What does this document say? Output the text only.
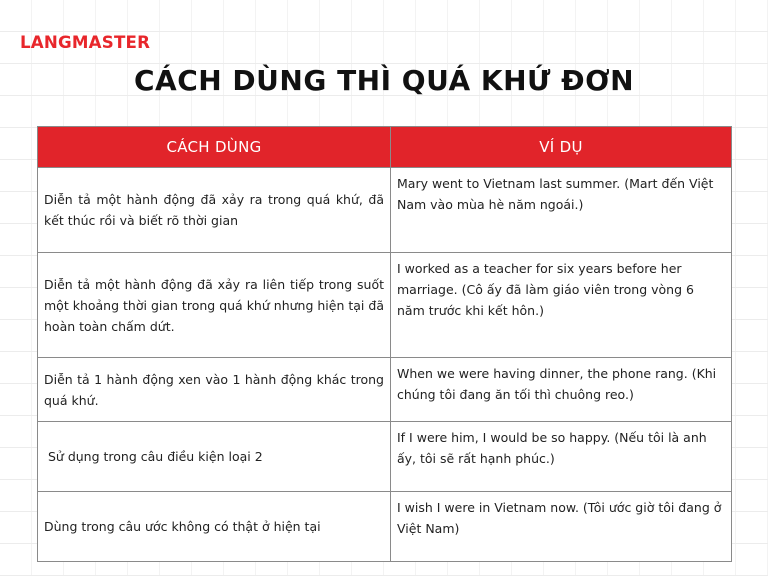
LANGMASTER
CÁCH DÙNG THÌ QUÁ KHỨ ĐƠN
CÁCH DÙNG	VÍ DỤ
Diễn tả một hành động đã xảy ra trong quá khứ, đã kết thúc rồi và biết rõ thời gian	Mary went to Vietnam last summer. (Mart đến Việt Nam vào mùa hè năm ngoái.)
Diễn tả một hành động đã xảy ra liên tiếp trong suốt một khoảng thời gian trong quá khứ nhưng hiện tại đã hoàn toàn chấm dứt.	I worked as a teacher for six years before her marriage. (Cô ấy đã làm giáo viên trong vòng 6 năm trước khi kết hôn.)
Diễn tả 1 hành động xen vào 1 hành động khác trong quá khứ.	When we were having dinner, the phone rang. (Khi chúng tôi đang ăn tối thì chuông reo.)
Sử dụng trong câu điều kiện loại 2	If I were him, I would be so happy. (Nếu tôi là anh ấy, tôi sẽ rất hạnh phúc.)
Dùng trong câu ước không có thật ở hiện tại	I wish I were in Vietnam now. (Tôi ước giờ tôi đang ở Việt Nam)
